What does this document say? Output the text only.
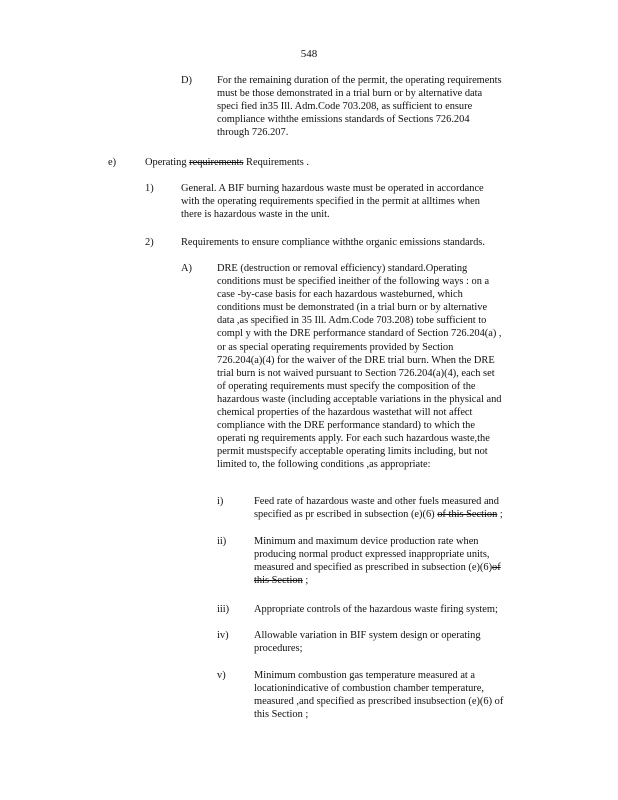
548
D) For the remaining duration of the permit, the operating requirements
must be those demonstrated in a trial burn or by alternative data
speci fied in35 Ill. Adm.Code 703.208, as sufficient to ensure
compliance withthe emissions standards of Sections 726.204
through 726.207.
e)	Operating requirements Requirements .
1)	General. A BIF burning hazardous waste must be operated in accordance
with the operating requirements specified in the permit at alltimes when
there is hazardous waste in the unit.
2)	Requirements to ensure compliance withthe organic emissions standards.
A) DRE (destruction or removal efficiency) standard.Operating
conditions must be specified ineither of the following ways : on a
case -by-case basis for each hazardous wasteburned, which
conditions must be demonstrated (in a trial burn or by alternative
data ,as specified in 35 Ill. Adm.Code 703.208) tobe sufficient to
compl y with the DRE performance standard of Section 726.204(a) ,
or as special operating requirements provided by Section
726.204(a)(4) for the waiver of the DRE trial burn. When the DRE
trial burn is not waived pursuant to Section 726.204(a)(4), each set
of operating requirements must specify the composition of the
hazardous waste (including acceptable variations in the physical and
chemical properties of the hazardous wastethat will not affect
compliance with the DRE performance standard) to which the
operati ng requirements apply. For each such hazardous waste,the
permit mustspecify acceptable operating limits including, but not
limited to, the following conditions ,as appropriate:
i)	Feed rate of hazardous waste and other fuels measured and
specified as pr escribed in subsection (e)(6) of this Section ;
ii)	Minimum and maximum device production rate when
producing normal product expressed inappropriate units,
measured and specified as prescribed in subsection (e)(6)of
this Section ;
iii) Appropriate controls of the hazardous waste firing system;
iv) Allowable variation in BIF system design or operating
procedures;
v)	Minimum combustion gas temperature measured at a
locationindicative of combustion chamber temperature,
measured ,and specified as prescribed insubsection (e)(6) of
this Section ;
